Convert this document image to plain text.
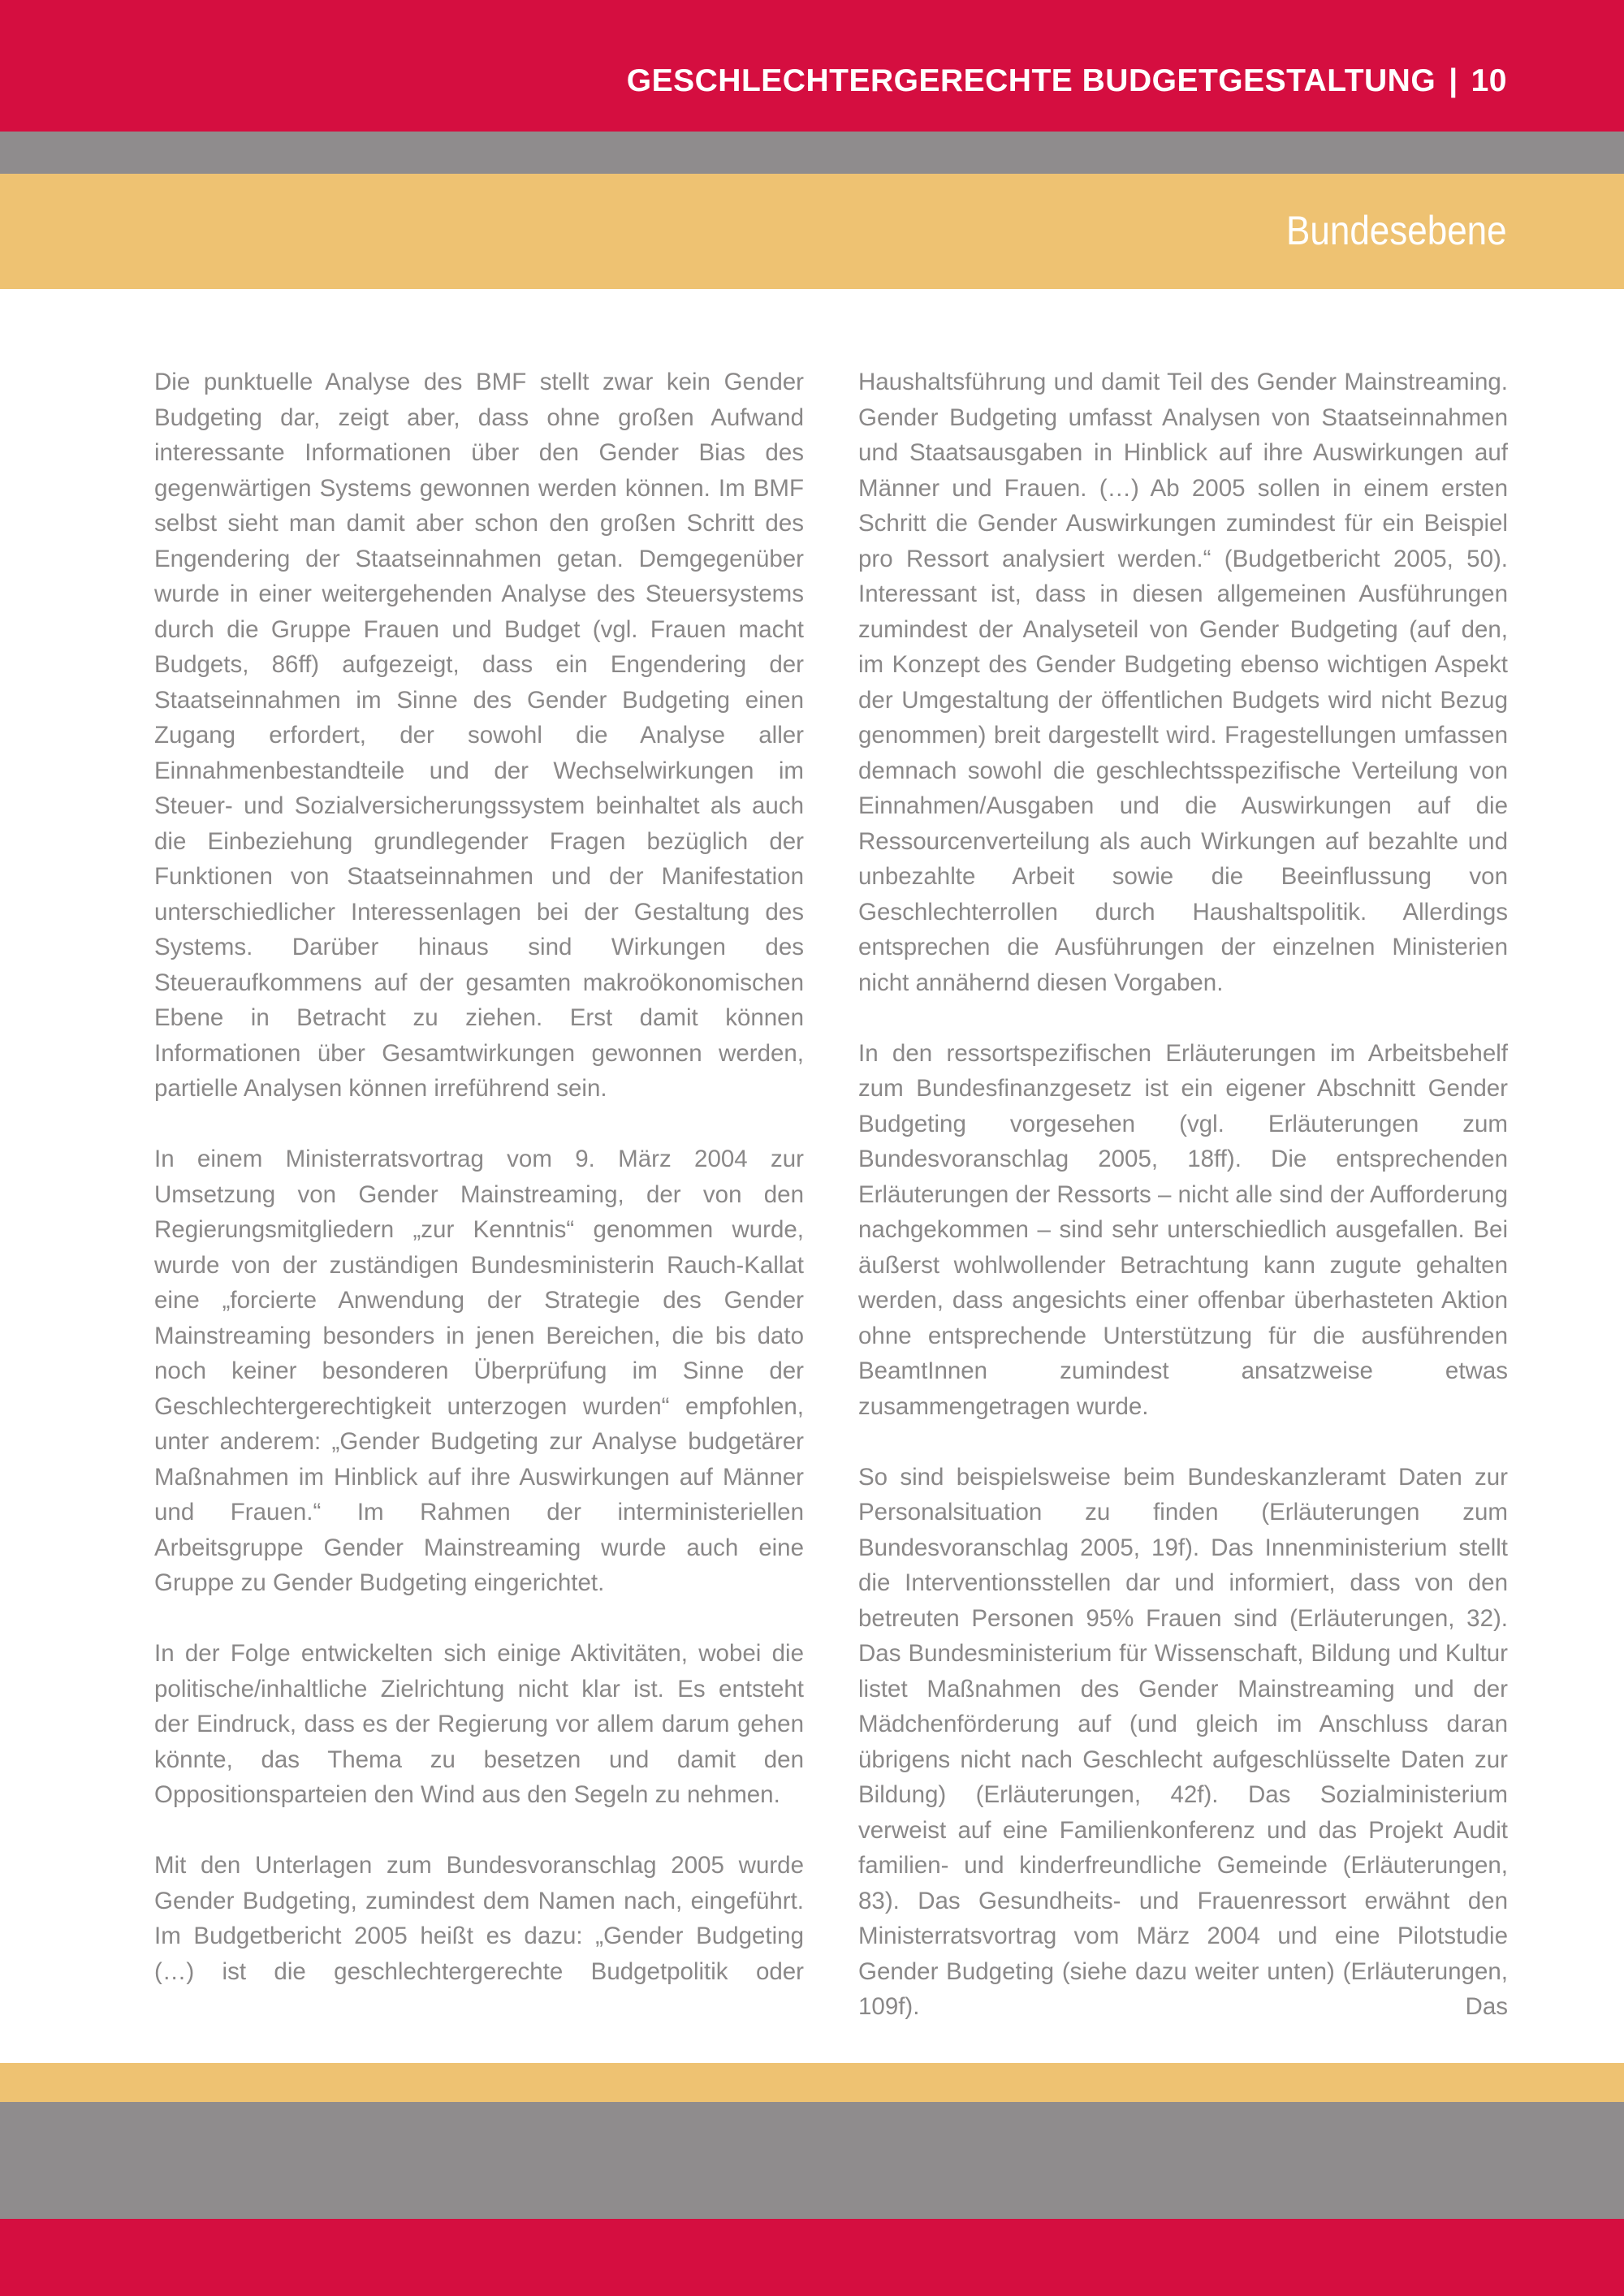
GESCHLECHTERGERECHTE BUDGETGESTALTUNG | 10
Bundesebene

Die punktuelle Analyse des BMF stellt zwar kein Gender Budgeting dar, zeigt aber, dass ohne großen Aufwand interessante Informationen über den Gender Bias des gegenwärtigen Systems gewonnen werden können. Im BMF selbst sieht man damit aber schon den großen Schritt des Engendering der Staatseinnahmen getan. Demgegenüber wurde in einer weitergehenden Analyse des Steuersystems durch die Gruppe Frauen und Budget (vgl. Frauen macht Budgets, 86ff) aufgezeigt, dass ein Engendering der Staatseinnahmen im Sinne des Gender Budgeting einen Zugang erfordert, der sowohl die Analyse aller Einnahmenbestandteile und der Wechselwirkungen im Steuer- und Sozialversicherungssystem beinhaltet als auch die Einbeziehung grundlegender Fragen bezüglich der Funktionen von Staatseinnahmen und der Manifestation unterschiedlicher Interessenlagen bei der Gestaltung des Systems. Darüber hinaus sind Wirkungen des Steueraufkommens auf der gesamten makroökonomischen Ebene in Betracht zu ziehen. Erst damit können Informationen über Gesamtwirkungen gewonnen werden, partielle Analysen können irreführend sein.

In einem Ministerratsvortrag vom 9. März 2004 zur Umsetzung von Gender Mainstreaming, der von den Regierungsmitgliedern „zur Kenntnis“ genommen wurde, wurde von der zuständigen Bundesministerin Rauch-Kallat eine „forcierte Anwendung der Strategie des Gender Mainstreaming besonders in jenen Bereichen, die bis dato noch keiner besonderen Überprüfung im Sinne der Geschlechtergerechtigkeit unterzogen wurden“ empfohlen, unter anderem: „Gender Budgeting zur Analyse budgetärer Maßnahmen im Hinblick auf ihre Auswirkungen auf Männer und Frauen.“ Im Rahmen der interministeriellen Arbeitsgruppe Gender Mainstreaming wurde auch eine Gruppe zu Gender Budgeting eingerichtet.

In der Folge entwickelten sich einige Aktivitäten, wobei die politische/inhaltliche Zielrichtung nicht klar ist. Es entsteht der Eindruck, dass es der Regierung vor allem darum gehen könnte, das Thema zu besetzen und damit den Oppositionsparteien den Wind aus den Segeln zu nehmen.

Mit den Unterlagen zum Bundesvoranschlag 2005 wurde Gender Budgeting, zumindest dem Namen nach, eingeführt. Im Budgetbericht 2005 heißt es dazu: „Gender Budgeting (…) ist die geschlechtergerechte Budgetpolitik oder

Haushaltsführung und damit Teil des Gender Mainstreaming. Gender Budgeting umfasst Analysen von Staatseinnahmen und Staatsausgaben in Hinblick auf ihre Auswirkungen auf Männer und Frauen. (…) Ab 2005 sollen in einem ersten Schritt die Gender Auswirkungen zumindest für ein Beispiel pro Ressort analysiert werden.“ (Budgetbericht 2005, 50). Interessant ist, dass in diesen allgemeinen Ausführungen zumindest der Analyseteil von Gender Budgeting (auf den, im Konzept des Gender Budgeting ebenso wichtigen Aspekt der Umgestaltung der öffentlichen Budgets wird nicht Bezug genommen) breit dargestellt wird. Fragestellungen umfassen demnach sowohl die geschlechtsspezifische Verteilung von Einnahmen/Ausgaben und die Auswirkungen auf die Ressourcenverteilung als auch Wirkungen auf bezahlte und unbezahlte Arbeit sowie die Beeinflussung von Geschlechterrollen durch Haushaltspolitik. Allerdings entsprechen die Ausführungen der einzelnen Ministerien nicht annähernd diesen Vorgaben.

In den ressortspezifischen Erläuterungen im Arbeitsbehelf zum Bundesfinanzgesetz ist ein eigener Abschnitt Gender Budgeting vorgesehen (vgl. Erläuterungen zum Bundesvoranschlag 2005, 18ff). Die entsprechenden Erläuterungen der Ressorts – nicht alle sind der Aufforderung nachgekommen – sind sehr unterschiedlich ausgefallen. Bei äußerst wohlwollender Betrachtung kann zugute gehalten werden, dass angesichts einer offenbar überhasteten Aktion ohne entsprechende Unterstützung für die ausführenden BeamtInnen zumindest ansatzweise etwas zusammengetragen wurde.

So sind beispielsweise beim Bundeskanzleramt Daten zur Personalsituation zu finden (Erläuterungen zum Bundesvoranschlag 2005, 19f). Das Innenministerium stellt die Interventionsstellen dar und informiert, dass von den betreuten Personen 95% Frauen sind (Erläuterungen, 32). Das Bundesministerium für Wissenschaft, Bildung und Kultur listet Maßnahmen des Gender Mainstreaming und der Mädchenförderung auf (und gleich im Anschluss daran übrigens nicht nach Geschlecht aufgeschlüsselte Daten zur Bildung) (Erläuterungen, 42f). Das Sozialministerium verweist auf eine Familienkonferenz und das Projekt Audit familien- und kinderfreundliche Gemeinde (Erläuterungen, 83). Das Gesundheits- und Frauenressort erwähnt den Ministerratsvortrag vom März 2004 und eine Pilotstudie Gender Budgeting (siehe dazu weiter unten) (Erläuterungen, 109f). Das
